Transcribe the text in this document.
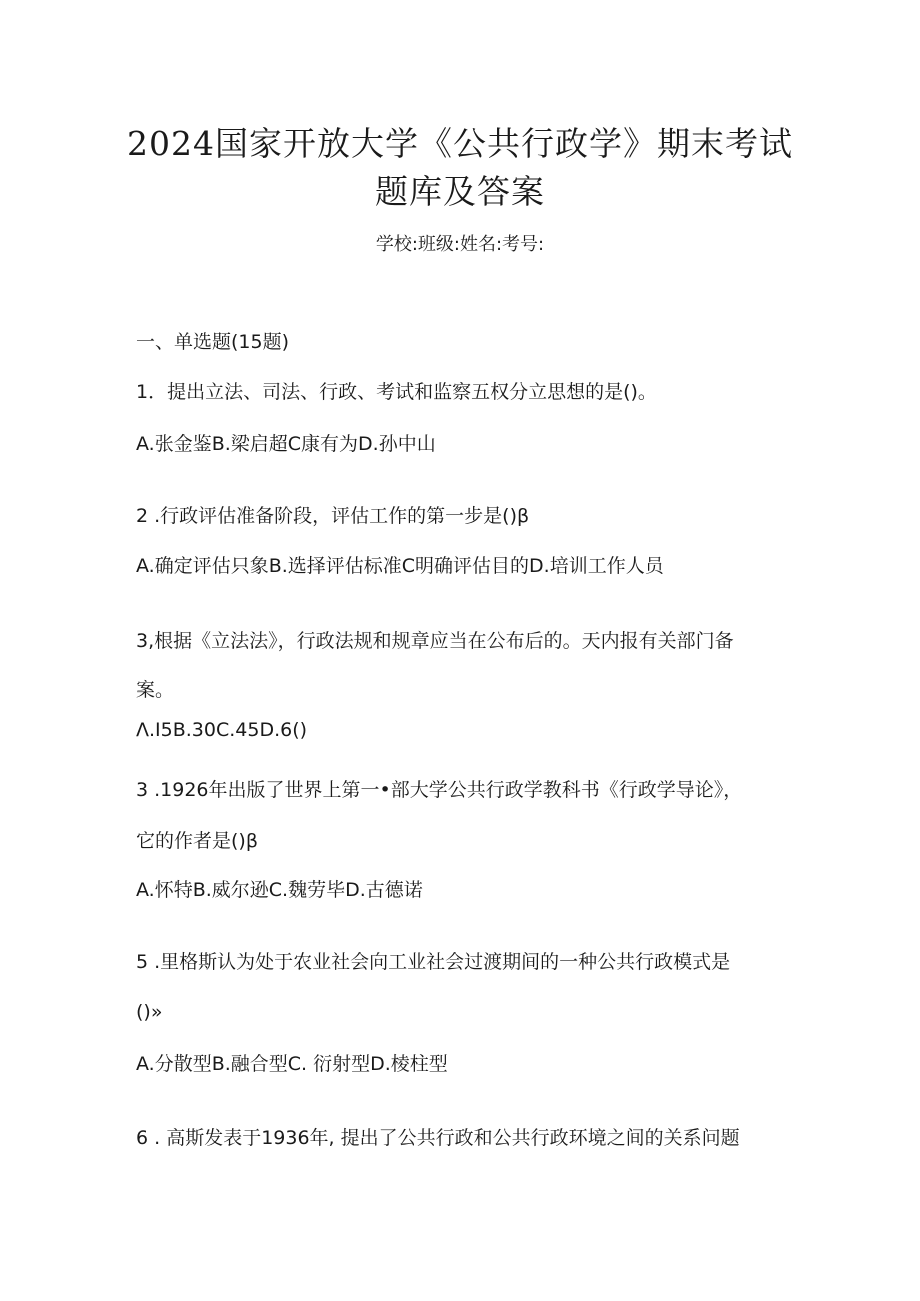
2024国家开放大学《公共行政学》期末考试
题库及答案
学校:班级:姓名:考号:
一、单选题(15题)
1．提出立法、司法、行政、考试和监察五权分立思想的是()。
A.张金鉴B.梁启超C康有为D.孙中山
2 .行政评估准备阶段，评估工作的第一步是()β
A.确定评估只象B.选择评估标准C明确评估目的D.培训工作人员
3,根据《立法法》，行政法规和规章应当在公布后的。天内报有关部门备
案。
Λ.I5B.30C.45D.6()
3 .1926年出版了世界上第一•部大学公共行政学教科书《行政学导论》，
它的作者是()β
A.怀特B.威尔逊C.魏劳毕D.古德诺
5 .里格斯认为处于农业社会向工业社会过渡期间的一种公共行政模式是
()»
A.分散型B.融合型C. 衍射型D.棱柱型
6 . 高斯发表于1936年, 提出了公共行政和公共行政环境之间的关系问题
